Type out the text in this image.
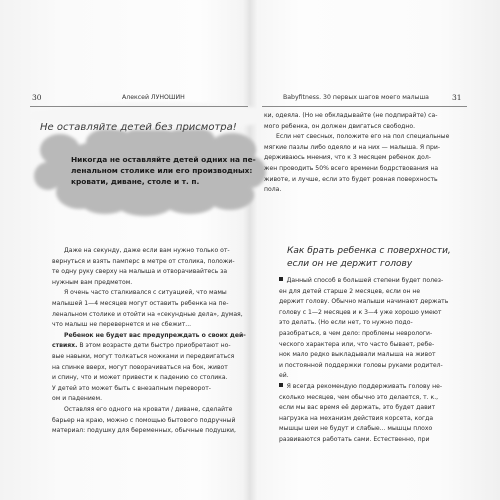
30	Алексей ЛУНОШИН
Не оставляйте детей без присмотра!
Никогда не оставляйте детей одних на пе-
ленальном столике или его производных:
кровати, диване, столе и т. п.
Даже на секунду, даже если вам нужно только от-
вернуться и взять памперс в метре от столика, положи-
те одну руку сверху на малыша и отворачивайтесь за
нужным вам предметом.
Я очень часто сталкивался с ситуацией, что мамы
малышей 1—4 месяцев могут оставить ребенка на пе-
ленальном столике и отойти на «секундные дела», думая,
что малыш не перевернется и не сбежит...
Ребенок не будет вас предупреждать о своих дей-
ствиях. В этом возрасте дети быстро приобретают но-
вые навыки, могут толкаться ножками и передвигаться
на спинке вверх, могут поворачиваться на бок, живот
и спину, что и может привести к падению со столика.
У детей это может быть с внезапным переворот-
ом и падением.
Оставляя его одного на кровати / диване, сделайте
барьер на краю, можно с помощью бытового подручный
материал: подушку для беременных, обычные подушки,
Babyfitness. 30 первых шагов моего малыша	31
ки, одеяла. (Но не обкладывайте (не подпирайте) са-
мого ребенка, он должен двигаться свободно.
Если нет свесных, положите его на пол специальные
мягкие пазлы либо одеяло и на них — малыша. Я при-
держиваюсь мнения, что к 3 месяцем ребенок дол-
жен проводить 50% всего времени бодрствования на
животе, и лучше, если это будет ровная поверхность
пола.
Как брать ребенка с поверхности,
если он не держит голову
Данный способ в большей степени будет полез-
ен для детей старше 2 месяцев, если он не
держит голову. Обычно малыши начинают держать
голову с 1—2 месяцев и к 3—4 уже хорошо умеют
это делать. (Но если нет, то нужно подо-
разобраться, в чем дело: проблемы неврологи-
ческого характера или, что часто бывает, ребе-
нок мало редко выкладывали малыша на живот
и постоянной поддержки головы руками родител-
ей.
Я всегда рекомендую поддерживать голову не-
сколько месяцев, чем обычно это делается, т. к.,
если мы вас время её держать, это будет давит
нагрузка на механизм действия корсета, когда
мышцы шеи не будут и слабые... мышцы плохо
развиваются работать сами. Естественно, при
